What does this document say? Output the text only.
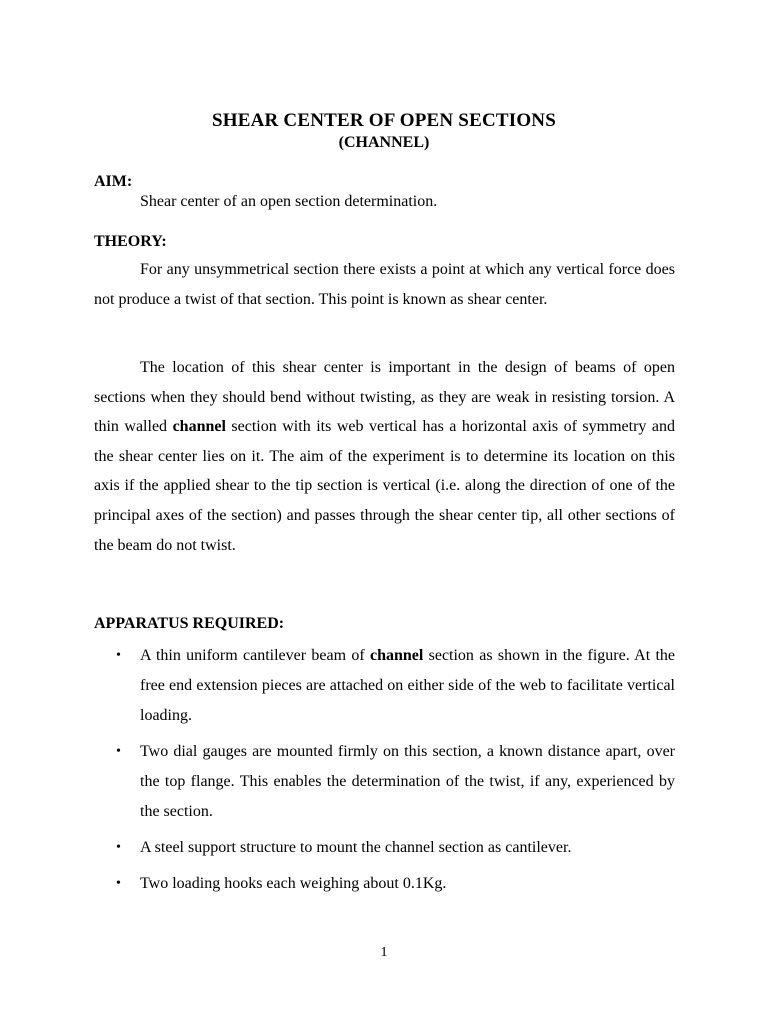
SHEAR CENTER OF OPEN SECTIONS
(CHANNEL)
AIM:
Shear center of an open section determination.
THEORY:
For any unsymmetrical section there exists a point at which any vertical force does not produce a twist of that section. This point is known as shear center.
The location of this shear center is important in the design of beams of open sections when they should bend without twisting, as they are weak in resisting torsion. A thin walled channel section with its web vertical has a horizontal axis of symmetry and the shear center lies on it. The aim of the experiment is to determine its location on this axis if the applied shear to the tip section is vertical (i.e. along the direction of one of the principal axes of the section) and passes through the shear center tip, all other sections of the beam do not twist.
APPARATUS REQUIRED:
• A thin uniform cantilever beam of channel section as shown in the figure. At the free end extension pieces are attached on either side of the web to facilitate vertical loading.
• Two dial gauges are mounted firmly on this section, a known distance apart, over the top flange. This enables the determination of the twist, if any, experienced by the section.
• A steel support structure to mount the channel section as cantilever.
• Two loading hooks each weighing about 0.1Kg.
1
